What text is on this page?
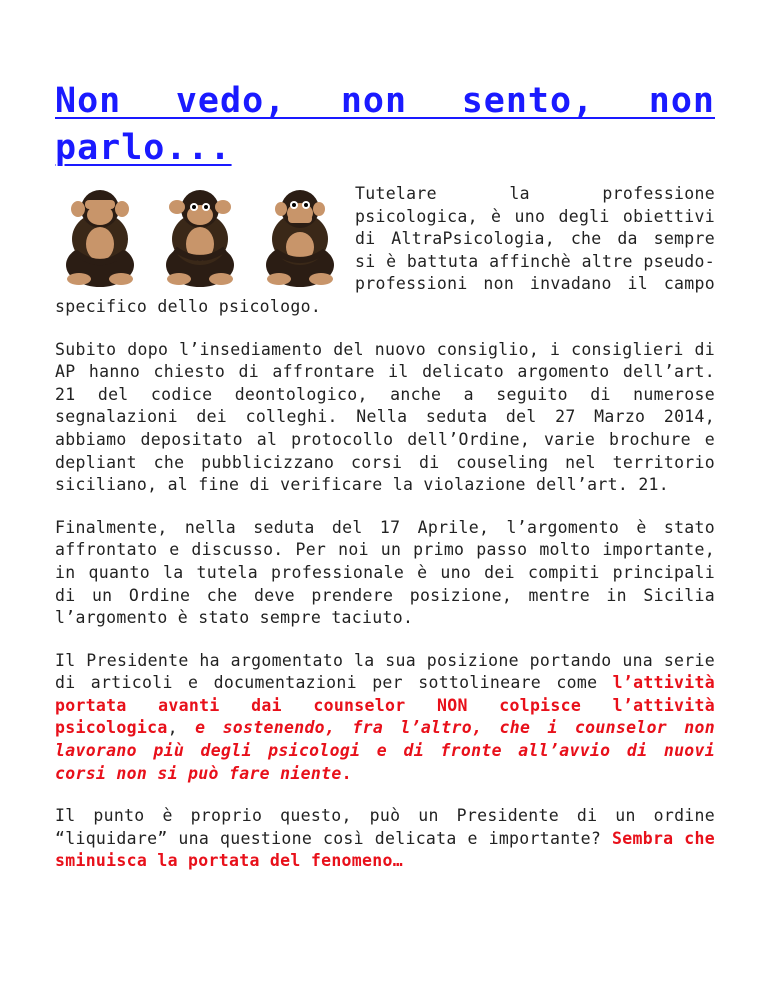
Non vedo, non sento, non parlo...

Tutelare la professione psicologica, è uno degli obiettivi di AltraPsicologia, che da sempre si è battuta affinchè altre pseudo-professioni non invadano il campo specifico dello psicologo.

Subito dopo l’insediamento del nuovo consiglio, i consiglieri di AP hanno chiesto di affrontare il delicato argomento dell’art. 21 del codice deontologico, anche a seguito di numerose segnalazioni dei colleghi. Nella seduta del 27 Marzo 2014, abbiamo depositato al protocollo dell’Ordine, varie brochure e depliant che pubblicizzano corsi di couseling nel territorio siciliano, al fine di verificare la violazione dell’art. 21.

Finalmente, nella seduta del 17 Aprile, l’argomento è stato affrontato e discusso. Per noi un primo passo molto importante, in quanto la tutela professionale è uno dei compiti principali di un Ordine che deve prendere posizione, mentre in Sicilia l’argomento è stato sempre taciuto.

Il Presidente ha argomentato la sua posizione portando una serie di articoli e documentazioni per sottolineare come l’attività portata avanti dai counselor NON colpisce l’attività psicologica, e sostenendo, fra l’altro, che i counselor non lavorano più degli psicologi e di fronte all’avvio di nuovi corsi non si può fare niente.

Il punto è proprio questo, può un Presidente di un ordine “liquidare” una questione così delicata e importante? Sembra che sminuisca la portata del fenomeno…
